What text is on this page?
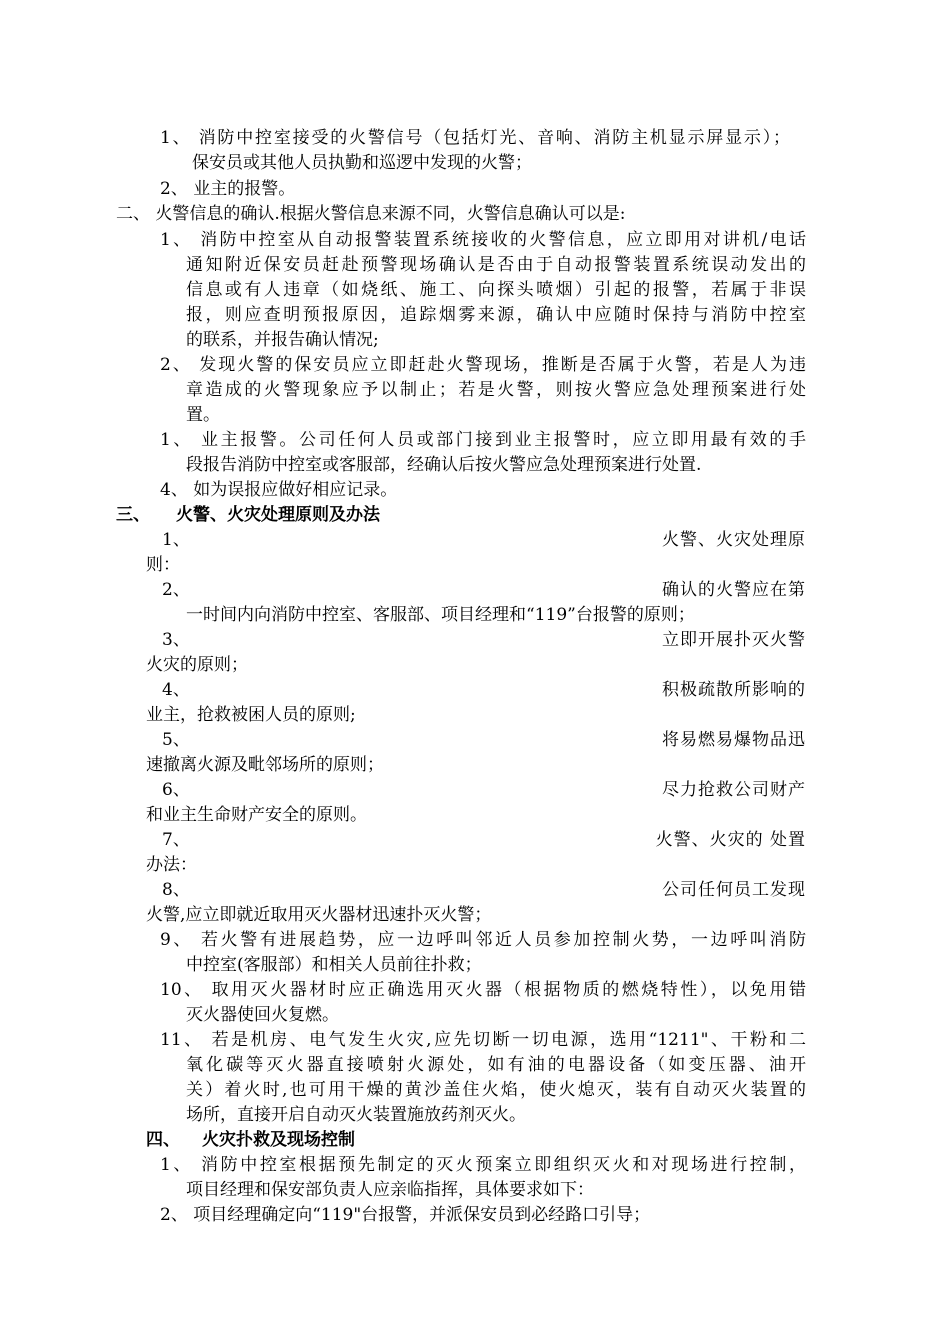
1、 消防中控室接受的火警信号（包括灯光、音响、消防主机显示屏显示）；
保安员或其他人员执勤和巡逻中发现的火警；
2、 业主的报警。
二、 火警信息的确认.根据火警信息来源不同，火警信息确认可以是:
1、 消防中控室从自动报警装置系统接收的火警信息，应立即用对讲机/电话
通知附近保安员赶赴预警现场确认是否由于自动报警装置系统误动发出的
信息或有人违章（如烧纸、施工、向探头喷烟）引起的报警，若属于非误
报，则应查明预报原因，追踪烟雾来源，确认中应随时保持与消防中控室
的联系，并报告确认情况;
2、 发现火警的保安员应立即赶赴火警现场，推断是否属于火警，若是人为违
章造成的火警现象应予以制止；若是火警，则按火警应急处理预案进行处
置。
1、 业主报警。公司任何人员或部门接到业主报警时，应立即用最有效的手
段报告消防中控室或客服部，经确认后按火警应急处理预案进行处置.
4、 如为误报应做好相应记录。
三、 火警、火灾处理原则及办法
1、	火警、火灾处理原
则：
2、	确认的火警应在第
一时间内向消防中控室、客服部、项目经理和“119”台报警的原则；
3、	立即开展扑灭火警
火灾的原则；
4、	积极疏散所影响的
业主，抢救被困人员的原则;
5、	将易燃易爆物品迅
速撤离火源及毗邻场所的原则；
6、	尽力抢救公司财产
和业主生命财产安全的原则。
7、	火警、火灾的 处置
办法：
8、	公司任何员工发现
火警,应立即就近取用灭火器材迅速扑灭火警；
9、 若火警有进展趋势，应一边呼叫邻近人员参加控制火势，一边呼叫消防
中控室(客服部）和相关人员前往扑救；
10、 取用灭火器材时应正确选用灭火器（根据物质的燃烧特性），以免用错
灭火器使回火复燃。
11、 若是机房、电气发生火灾,应先切断一切电源，选用“1211"、干粉和二
氧化碳等灭火器直接喷射火源处，如有油的电器设备（如变压器、油开
关）着火时,也可用干燥的黄沙盖住火焰，使火熄灭，装有自动灭火装置的
场所，直接开启自动灭火装置施放药剂灭火。
四、 火灾扑救及现场控制
1、 消防中控室根据预先制定的灭火预案立即组织灭火和对现场进行控制，
项目经理和保安部负责人应亲临指挥，具体要求如下：
2、 项目经理确定向“119"台报警，并派保安员到必经路口引导；
